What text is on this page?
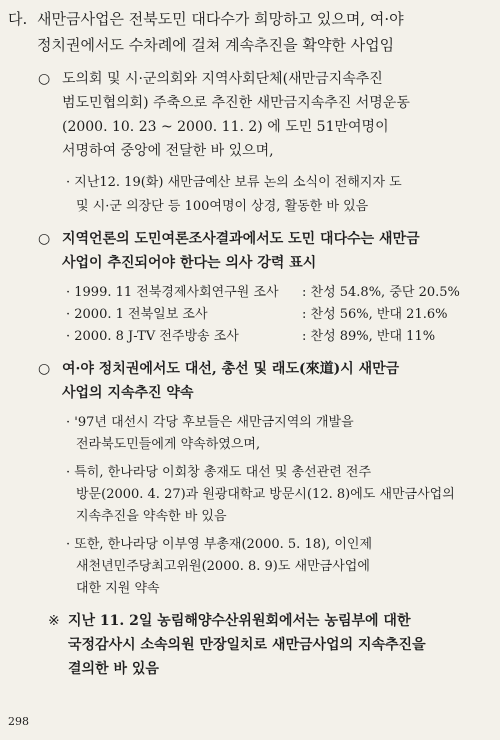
다. 새만금사업은 전북도민 대다수가 희망하고 있으며, 여·야
정치권에서도 수차례에 걸쳐 계속추진을 확약한 사업임
○ 도의회 및 시·군의회와 지역사회단체(새만금지속추진
범도민협의회) 주축으로 추진한 새만금지속추진 서명운동
(2000. 10. 23 ~ 2000. 11. 2) 에 도민 51만여명이
서명하여 중앙에 전달한 바 있으며,
· 지난12. 19(화) 새만금예산 보류 논의 소식이 전해지자 도
및 시·군 의장단 등 100여명이 상경, 활동한 바 있음
○ 지역언론의 도민여론조사결과에서도 도민 대다수는 새만금
사업이 추진되어야 한다는 의사 강력 표시
· 1999. 11 전북경제사회연구원 조사 : 찬성 54.8%, 중단 20.5%
· 2000. 1 전북일보 조사	: 찬성 56%, 반대 21.6%
· 2000. 8 J-TV 전주방송 조사	: 찬성 89%, 반대 11%
○ 여·야 정치권에서도 대선, 총선 및 래도(來道)시 새만금
사업의 지속추진 약속
· '97년 대선시 각당 후보들은 새만금지역의 개발을
전라북도민들에게 약속하였으며,
· 특히, 한나라당 이회창 총재도 대선 및 총선관련 전주
방문(2000. 4. 27)과 원광대학교 방문시(12. 8)에도 새만금사업의
지속추진을 약속한 바 있음
· 또한, 한나라당 이부영 부총재(2000. 5. 18), 이인제
새천년민주당최고위원(2000. 8. 9)도 새만금사업에
대한 지원 약속
※ 지난 11. 2일 농림해양수산위원회에서는 농림부에 대한
국정감사시 소속의원 만장일치로 새만금사업의 지속추진을
결의한 바 있음
298
